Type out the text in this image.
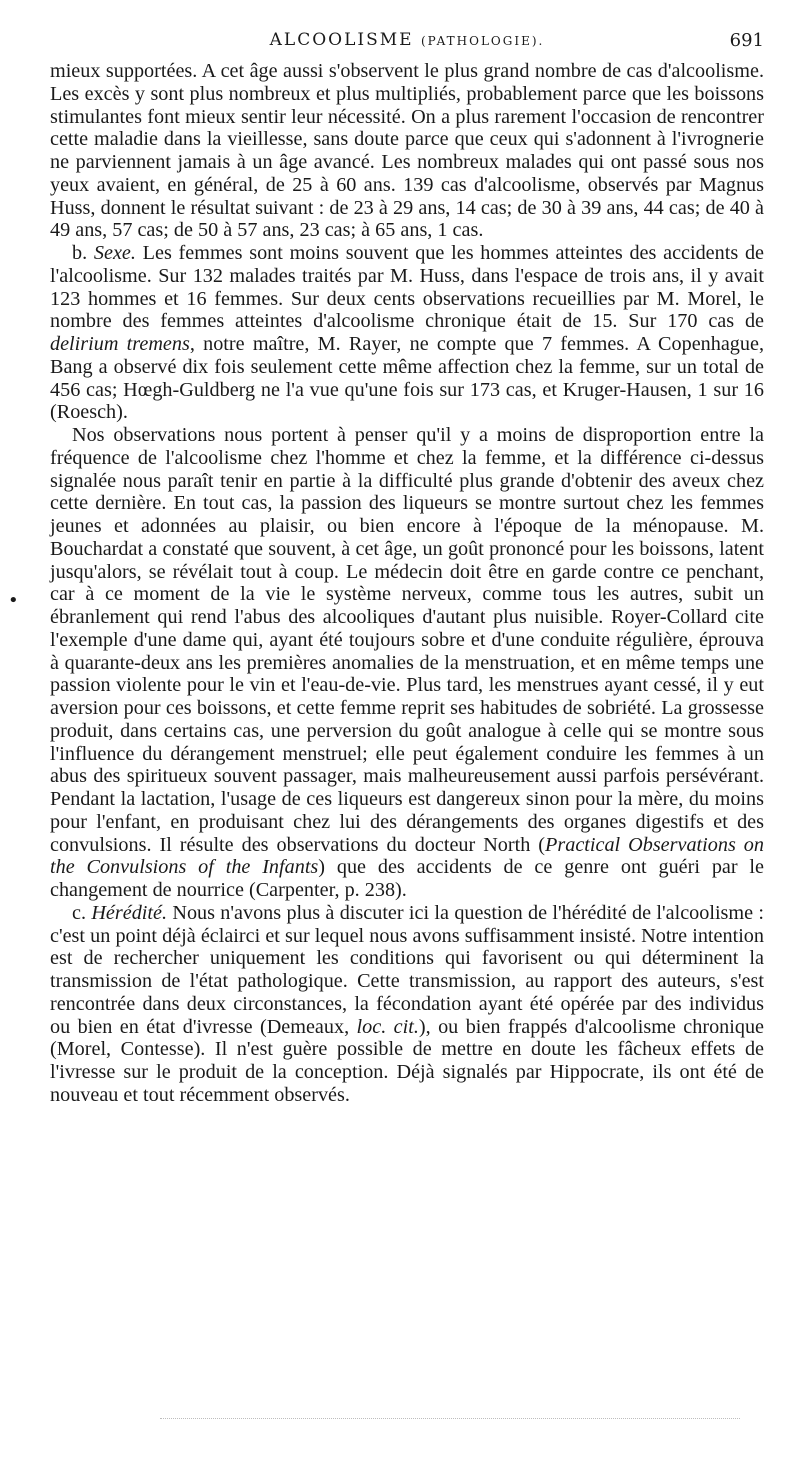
ALCOOLISME (PATHOLOGIE).	691

mieux supportées. A cet âge aussi s'observent le plus grand nombre de cas d'alcoolisme. Les excès y sont plus nombreux et plus multipliés, probablement parce que les boissons stimulantes font mieux sentir leur nécessité. On a plus rarement l'occasion de rencontrer cette maladie dans la vieillesse, sans doute parce que ceux qui s'adonnent à l'ivrognerie ne parviennent jamais à un âge avancé. Les nombreux malades qui ont passé sous nos yeux avaient, en général, de 25 à 60 ans. 139 cas d'alcoolisme, observés par Magnus Huss, donnent le résultat suivant : de 23 à 29 ans, 14 cas; de 30 à 39 ans, 44 cas; de 40 à 49 ans, 57 cas; de 50 à 57 ans, 23 cas; à 65 ans, 1 cas.

b. Sexe. Les femmes sont moins souvent que les hommes atteintes des accidents de l'alcoolisme. Sur 132 malades traités par M. Huss, dans l'espace de trois ans, il y avait 123 hommes et 16 femmes. Sur deux cents observations recueillies par M. Morel, le nombre des femmes atteintes d'alcoolisme chronique était de 15. Sur 170 cas de delirium tremens, notre maître, M. Rayer, ne compte que 7 femmes. A Copenhague, Bang a observé dix fois seulement cette même affection chez la femme, sur un total de 456 cas; Hœgh-Guldberg ne l'a vue qu'une fois sur 173 cas, et Kruger-Hausen, 1 sur 16 (Roesch).

Nos observations nous portent à penser qu'il y a moins de disproportion entre la fréquence de l'alcoolisme chez l'homme et chez la femme, et la différence ci-dessus signalée nous paraît tenir en partie à la difficulté plus grande d'obtenir des aveux chez cette dernière. En tout cas, la passion des liqueurs se montre surtout chez les femmes jeunes et adonnées au plaisir, ou bien encore à l'époque de la ménopause. M. Bouchardat a constaté que souvent, à cet âge, un goût prononcé pour les boissons, latent jusqu'alors, se révélait tout à coup. Le médecin doit être en garde contre ce penchant, car à ce moment de la vie le système nerveux, comme tous les autres, subit un ébranlement qui rend l'abus des alcooliques d'autant plus nuisible. Royer-Collard cite l'exemple d'une dame qui, ayant été toujours sobre et d'une conduite régulière, éprouva à quarante-deux ans les premières anomalies de la menstruation, et en même temps une passion violente pour le vin et l'eau-de-vie. Plus tard, les menstrues ayant cessé, il y eut aversion pour ces boissons, et cette femme reprit ses habitudes de sobriété. La grossesse produit, dans certains cas, une perversion du goût analogue à celle qui se montre sous l'influence du dérangement menstruel; elle peut également conduire les femmes à un abus des spiritueux souvent passager, mais malheureusement aussi parfois persévérant. Pendant la lactation, l'usage de ces liqueurs est dangereux sinon pour la mère, du moins pour l'enfant, en produisant chez lui des dérangements des organes digestifs et des convulsions. Il résulte des observations du docteur North (Practical Observations on the Convulsions of the Infants) que des accidents de ce genre ont guéri par le changement de nourrice (Carpenter, p. 238).

c. Hérédité. Nous n'avons plus à discuter ici la question de l'hérédité de l'alcoolisme : c'est un point déjà éclairci et sur lequel nous avons suffisamment insisté. Notre intention est de rechercher uniquement les conditions qui favorisent ou qui déterminent la transmission de l'état pathologique. Cette transmission, au rapport des auteurs, s'est rencontrée dans deux circonstances, la fécondation ayant été opérée par des individus ou bien en état d'ivresse (Demeaux, loc. cit.), ou bien frappés d'alcoolisme chronique (Morel, Contesse). Il n'est guère possible de mettre en doute les fâcheux effets de l'ivresse sur le produit de la conception. Déjà signalés par Hippocrate, ils ont été de nouveau et tout récemment observés.

•
